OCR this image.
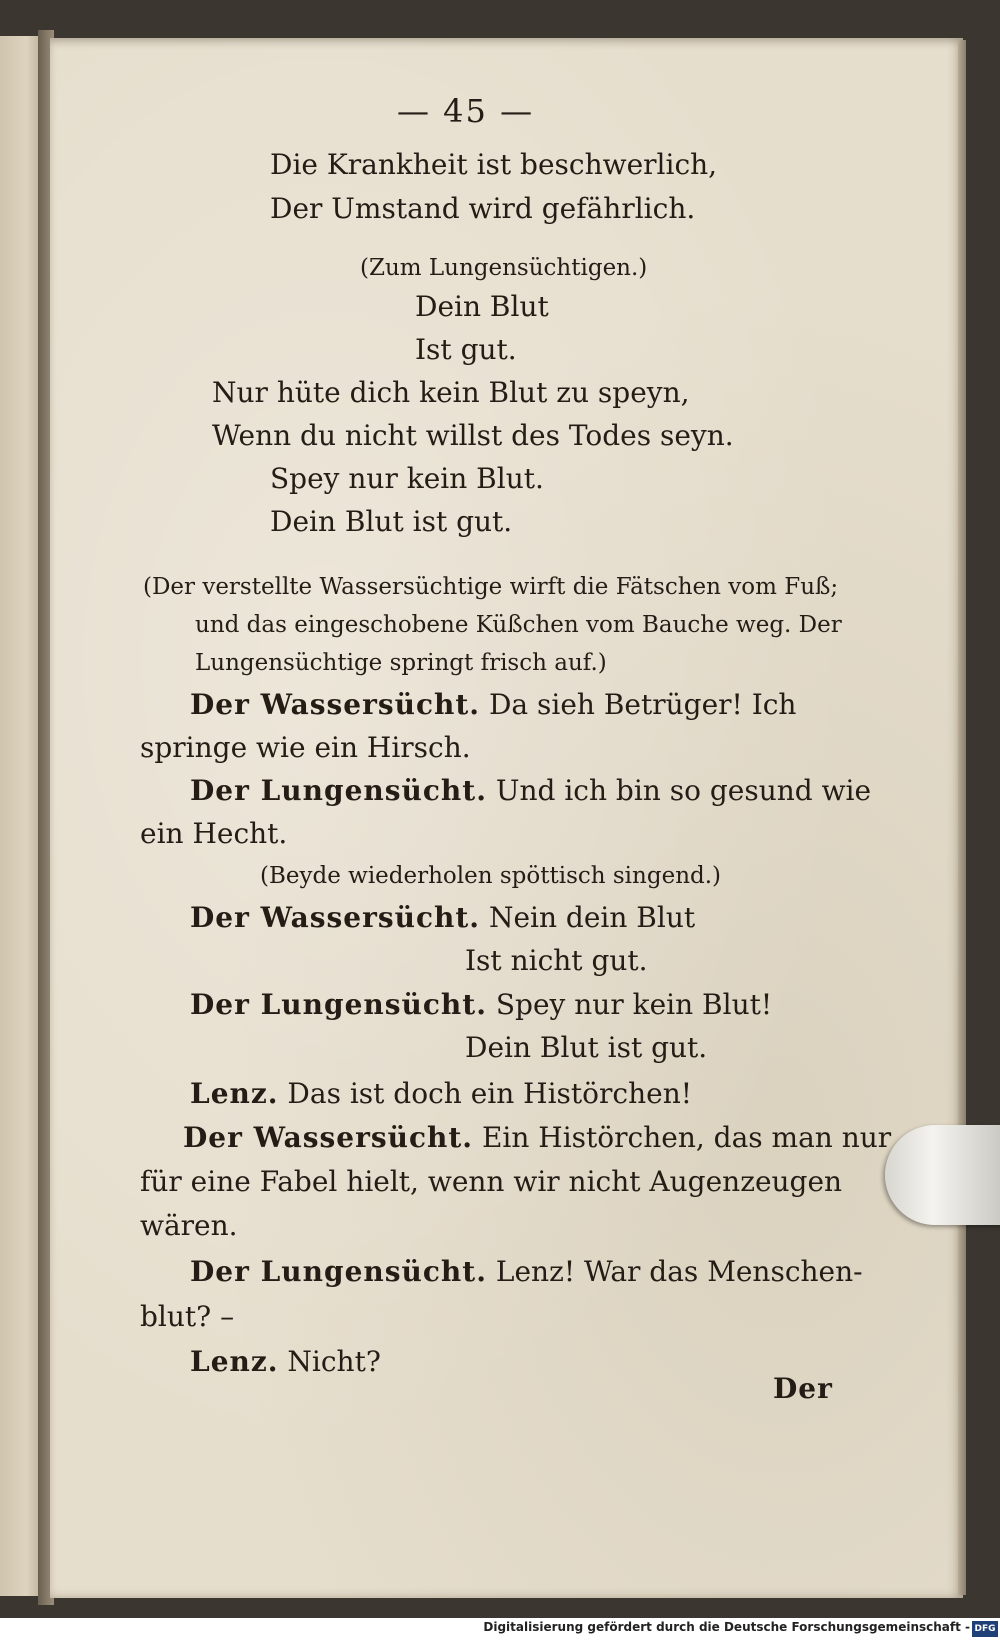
— 45 —

Die Krankheit ist beschwerlich,

Der Umstand wird gefährlich.

(Zum Lungensüchtigen.)

Dein Blut

Ist gut.

Nur hüte dich kein Blut zu speyn,

Wenn du nicht willst des Todes seyn.

Spey nur kein Blut.

Dein Blut ist gut.

(Der verstellte Wassersüchtige wirft die Fätschen vom Fuß;

und das eingeschobene Küßchen vom Bauche weg. Der

Lungensüchtige springt frisch auf.)

Der Wassersücht. Da sieh Betrüger! Ich

springe wie ein Hirsch.

Der Lungensücht. Und ich bin so gesund wie

ein Hecht.

(Beyde wiederholen spöttisch singend.)

Der Wassersücht. Nein dein Blut

Ist nicht gut.

Der Lungensücht. Spey nur kein Blut!

Dein Blut ist gut.

Lenz. Das ist doch ein Histörchen!

Der Wassersücht. Ein Histörchen, das man nur

für eine Fabel hielt, wenn wir nicht Augenzeugen

wären.

Der Lungensücht. Lenz! War das Menschen-

blut? –

Lenz. Nicht?

Der

Digitalisierung gefördert durch die Deutsche Forschungsgemeinschaft - DFG
